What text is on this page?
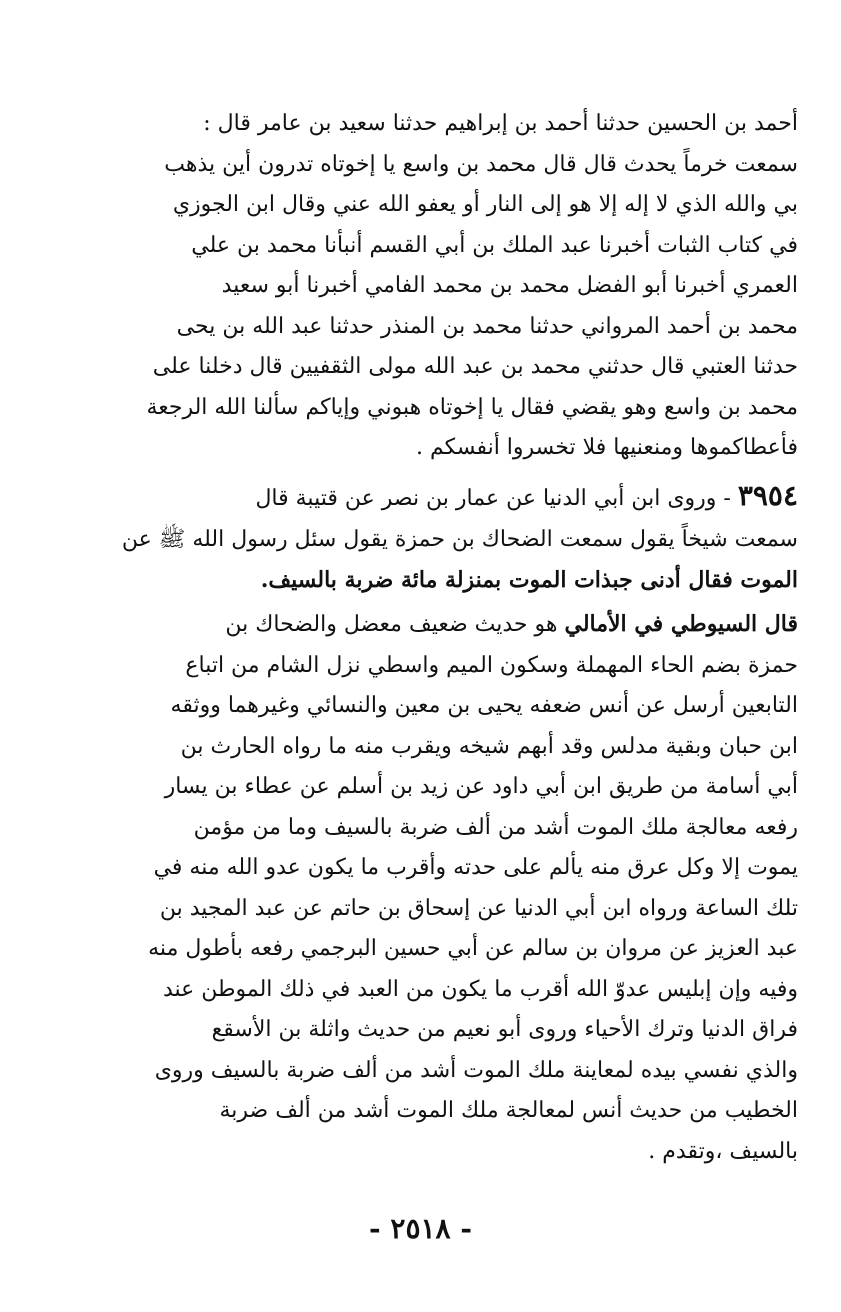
أحمد بن الحسين حدثنا أحمد بن إبراهيم حدثنا سعيد بن عامر قال :
سمعت خرماً يحدث قال قال محمد بن واسع يا إخوتاه تدرون أين يذهب
بي والله الذي لا إله إلا هو إلى النار أو يعفو الله عني وقال ابن الجوزي
في كتاب الثبات أخبرنا عبد الملك بن أبي القسم أنبأنا محمد بن علي
العمري أخبرنا أبو الفضل محمد بن محمد الفامي أخبرنا أبو سعيد
محمد بن أحمد المرواني حدثنا محمد بن المنذر حدثنا عبد الله بن يحى
حدثنا العتبي قال حدثني محمد بن عبد الله مولى الثقفيين قال دخلنا على
محمد بن واسع وهو يقضي فقال يا إخوتاه هبوني وإياكم سألنا الله الرجعة
فأعطاكموها ومنعنيها فلا تخسروا أنفسكم .
٣٩٥٤ - وروى ابن أبي الدنيا عن عمار بن نصر عن قتيبة قال
سمعت شيخاً يقول سمعت الضحاك بن حمزة يقول سئل رسول الله ﷺ عن
الموت فقال أدنى جبذات الموت بمنزلة مائة ضربة بالسيف.
قال السيوطي في الأمالي هو حديث ضعيف معضل والضحاك بن
حمزة بضم الحاء المهملة وسكون الميم واسطي نزل الشام من اتباع
التابعين أرسل عن أنس ضعفه يحيى بن معين والنسائي وغيرهما ووثقه
ابن حبان وبقية مدلس وقد أبهم شيخه ويقرب منه ما رواه الحارث بن
أبي أسامة من طريق ابن أبي داود عن زيد بن أسلم عن عطاء بن يسار
رفعه معالجة ملك الموت أشد من ألف ضربة بالسيف وما من مؤمن
يموت إلا وكل عرق منه يألم على حدته وأقرب ما يكون عدو الله منه في
تلك الساعة ورواه ابن أبي الدنيا عن إسحاق بن حاتم عن عبد المجيد بن
عبد العزيز عن مروان بن سالم عن أبي حسين البرجمي رفعه بأطول منه
وفيه وإن إبليس عدوّ الله أقرب ما يكون من العبد في ذلك الموطن عند
فراق الدنيا وترك الأحياء وروى أبو نعيم من حديث واثلة بن الأسقع
والذي نفسي بيده لمعاينة ملك الموت أشد من ألف ضربة بالسيف وروى
الخطيب من حديث أنس لمعالجة ملك الموت أشد من ألف ضربة
بالسيف ،وتقدم .
- ٢٥١٨ -
